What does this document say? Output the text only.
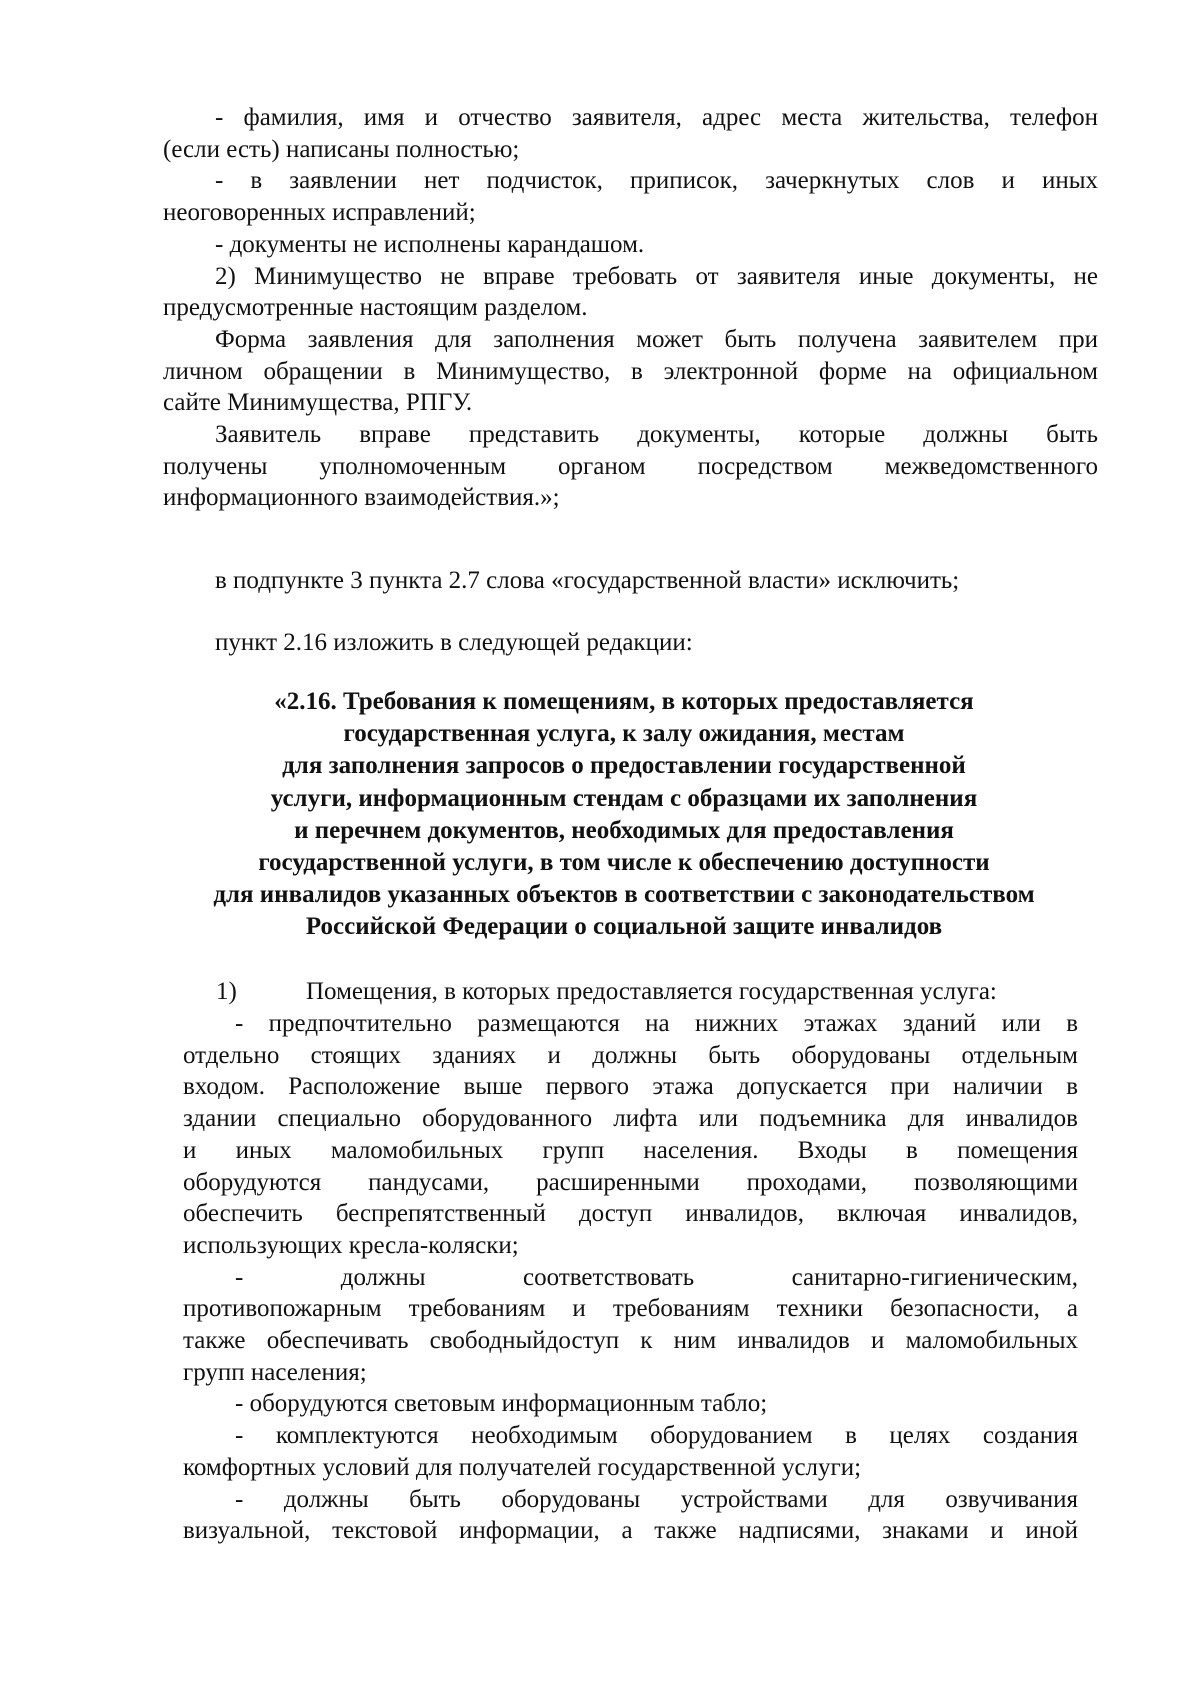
- фамилия, имя и отчество заявителя, адрес места жительства, телефон
(если есть) написаны полностью;
- в заявлении нет подчисток, приписок, зачеркнутых слов и иных
неоговоренных исправлений;
- документы не исполнены карандашом.
2) Минимущество не вправе требовать от заявителя иные документы, не
предусмотренные настоящим разделом.
Форма заявления для заполнения может быть получена заявителем при
личном обращении в Минимущество, в электронной форме на официальном
сайте Минимущества, РПГУ.
Заявитель вправе представить документы, которые должны быть
получены уполномоченным органом посредством межведомственного
информационного взаимодействия.»;
в подпункте 3 пункта 2.7 слова «государственной власти» исключить;
пункт 2.16 изложить в следующей редакции:
«2.16. Требования к помещениям, в которых предоставляется
государственная услуга, к залу ожидания, местам
для заполнения запросов о предоставлении государственной
услуги, информационным стендам с образцами их заполнения
и перечнем документов, необходимых для предоставления
государственной услуги, в том числе к обеспечению доступности
для инвалидов указанных объектов в соответствии с законодательством
Российской Федерации о социальной защите инвалидов
1)	Помещения, в которых предоставляется государственная услуга:
- предпочтительно размещаются на нижних этажах зданий или в
отдельно стоящих зданиях и должны быть оборудованы отдельным
входом. Расположение выше первого этажа допускается при наличии в
здании специально оборудованного лифта или подъемника для инвалидов
и иных маломобильных групп населения. Входы в помещения
оборудуются пандусами, расширенными проходами, позволяющими
обеспечить беспрепятственный доступ инвалидов, включая инвалидов,
использующих кресла-коляски;
- должны соответствовать санитарно-гигиеническим,
противопожарным требованиям и требованиям техники безопасности, а
также обеспечивать свободныйдоступ к ним инвалидов и маломобильных
групп населения;
- оборудуются световым информационным табло;
- комплектуются необходимым оборудованием в целях создания
комфортных условий для получателей государственной услуги;
- должны быть оборудованы устройствами для озвучивания
визуальной, текстовой информации, а также надписями, знаками и иной
